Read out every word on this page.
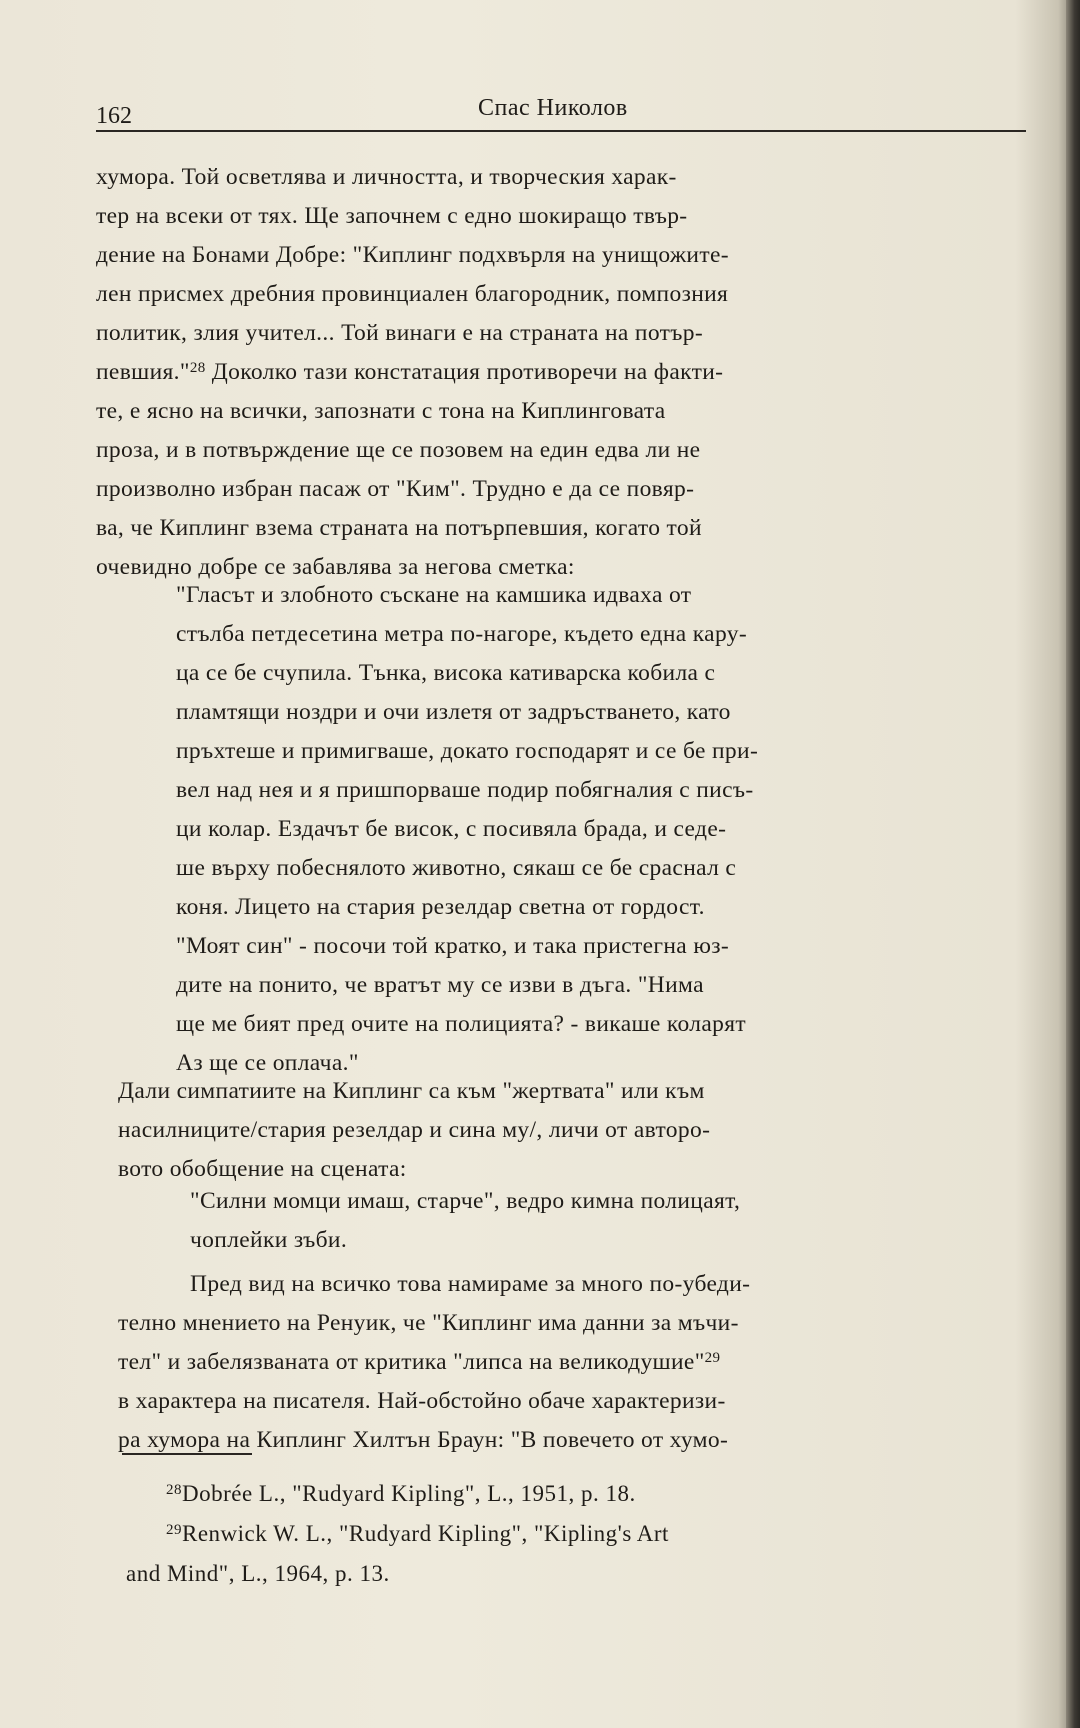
162	Спас Николов
хумора. Той осветлява и личността, и творческия харак-
тер на всеки от тях. Ще започнем с едно шокиращо твър-
дение на Бонами Добре: "Киплинг подхвърля на унищожите-
лен присмех дребния провинциален благородник, помпозния
политик, злия учител... Той винаги е на страната на потър-
певшия."$^{28}$ Доколко тази констатация противоречи на факти-
те, е ясно на всички, запознати с тона на Киплинговата
проза, и в потвърждение ще се позовем на един едва ли не
произволно избран пасаж от "Ким". Трудно е да се повяр-
ва, че Киплинг взема страната на потърпевшия, когато той
очевидно добре се забавлява за негова сметка:
"Гласът и злобното съскане на камшика идваха от
стълба петдесетина метра по-нагоре, където една кару-
ца се бе счупила. Тънка, висока кативарска кобила с
пламтящи ноздри и очи излетя от задръстването, като
пръхтеше и примигваше, докато господарят и се бе при-
вел над нея и я пришпорваше подир побягналия с писъ-
ци колар. Ездачът бе висок, с посивяла брада, и седе-
ше върху побеснялото животно, сякаш се бе сраснал с
коня. Лицето на стария резелдар светна от гордост.
"Моят син" - посочи той кратко, и така пристегна юз-
дите на понито, че вратът му се изви в дъга. "Нима
ще ме бият пред очите на полицията? - викаше коларят
Аз ще се оплача."
Дали симпатиите на Киплинг са към "жертвата" или към
насилниците/стария резелдар и сина му/, личи от авторо-
вото обобщение на сцената:
"Силни момци имаш, старче", ведро кимна полицаят,
чоплейки зъби.
Пред вид на всичко това намираме за много по-убеди-
телно мнението на Ренуик, че "Киплинг има данни за мъчи-
тел" и забелязваната от критика "липса на великодушие"$^{29}$
в характера на писателя. Най-обстойно обаче характеризи-
ра хумора на Киплинг Хилтън Браун: "В повечето от хумо-
$^{28}$Dobrée L., "Rudyard Kipling", L., 1951, p. 18.
$^{29}$Renwick W. L., "Rudyard Kipling", "Kipling's Art
and Mind", L., 1964, p. 13.
